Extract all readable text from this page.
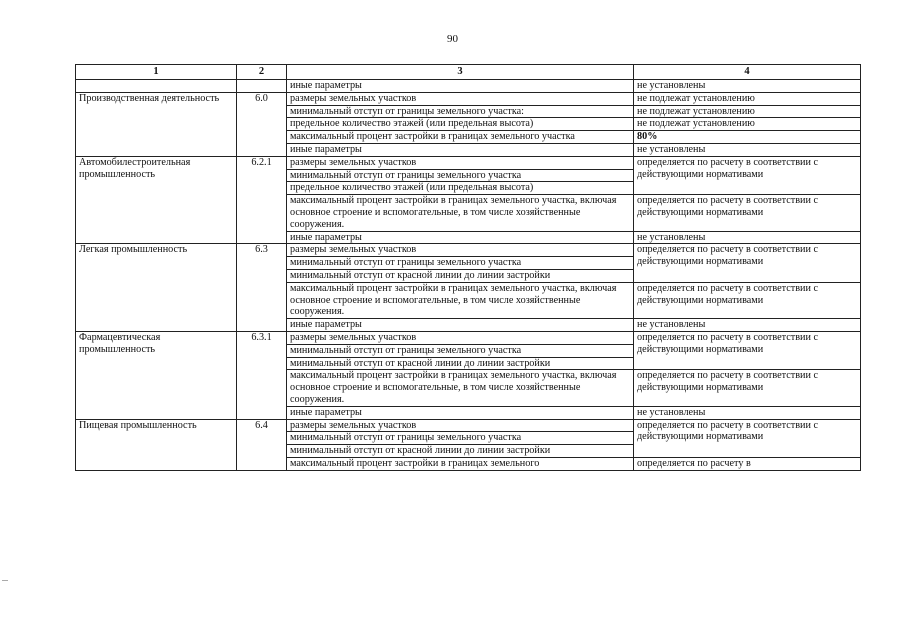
90
1	2	3	4
		иные параметры	не установлены
Производственная деятельность	6.0	размеры земельных участков	не подлежат установлению
		минимальный отступ от границы земельного участка:	не подлежат установлению
		предельное количество этажей (или предельная высота)	не подлежат установлению
		максимальный процент застройки в границах земельного участка	80%
		иные параметры	не установлены
Автомобилестроительная промышленность	6.2.1	размеры земельных участков	определяется по расчету в соответствии с действующими нормативами
		минимальный отступ от границы земельного участка	
		предельное количество этажей (или предельная высота)	
		максимальный процент застройки в границах земельного участка, включая основное строение и вспомогательные, в том числе хозяйственные сооружения.	определяется по расчету в соответствии с действующими нормативами
		иные параметры	не установлены
Легкая промышленность	6.3	размеры земельных участков	определяется по расчету в соответствии с действующими нормативами
		минимальный отступ от границы земельного участка	
		минимальный отступ от красной линии до линии застройки	
		максимальный процент застройки в границах земельного участка, включая основное строение и вспомогательные, в том числе хозяйственные сооружения.	определяется по расчету в соответствии с действующими нормативами
		иные параметры	не установлены
Фармацевтическая промышленность	6.3.1	размеры земельных участков	определяется по расчету в соответствии с действующими нормативами
		минимальный отступ от границы земельного участка	
		минимальный отступ от красной линии до линии застройки	
		максимальный процент застройки в границах земельного участка, включая основное строение и вспомогательные, в том числе хозяйственные сооружения.	определяется по расчету в соответствии с действующими нормативами
		иные параметры	не установлены
Пищевая промышленность	6.4	размеры земельных участков	определяется по расчету в соответствии с действующими нормативами
		минимальный отступ от границы земельного участка	
		минимальный отступ от красной линии до линии застройки	
		максимальный процент застройки в границах земельного	определяется по расчету в
